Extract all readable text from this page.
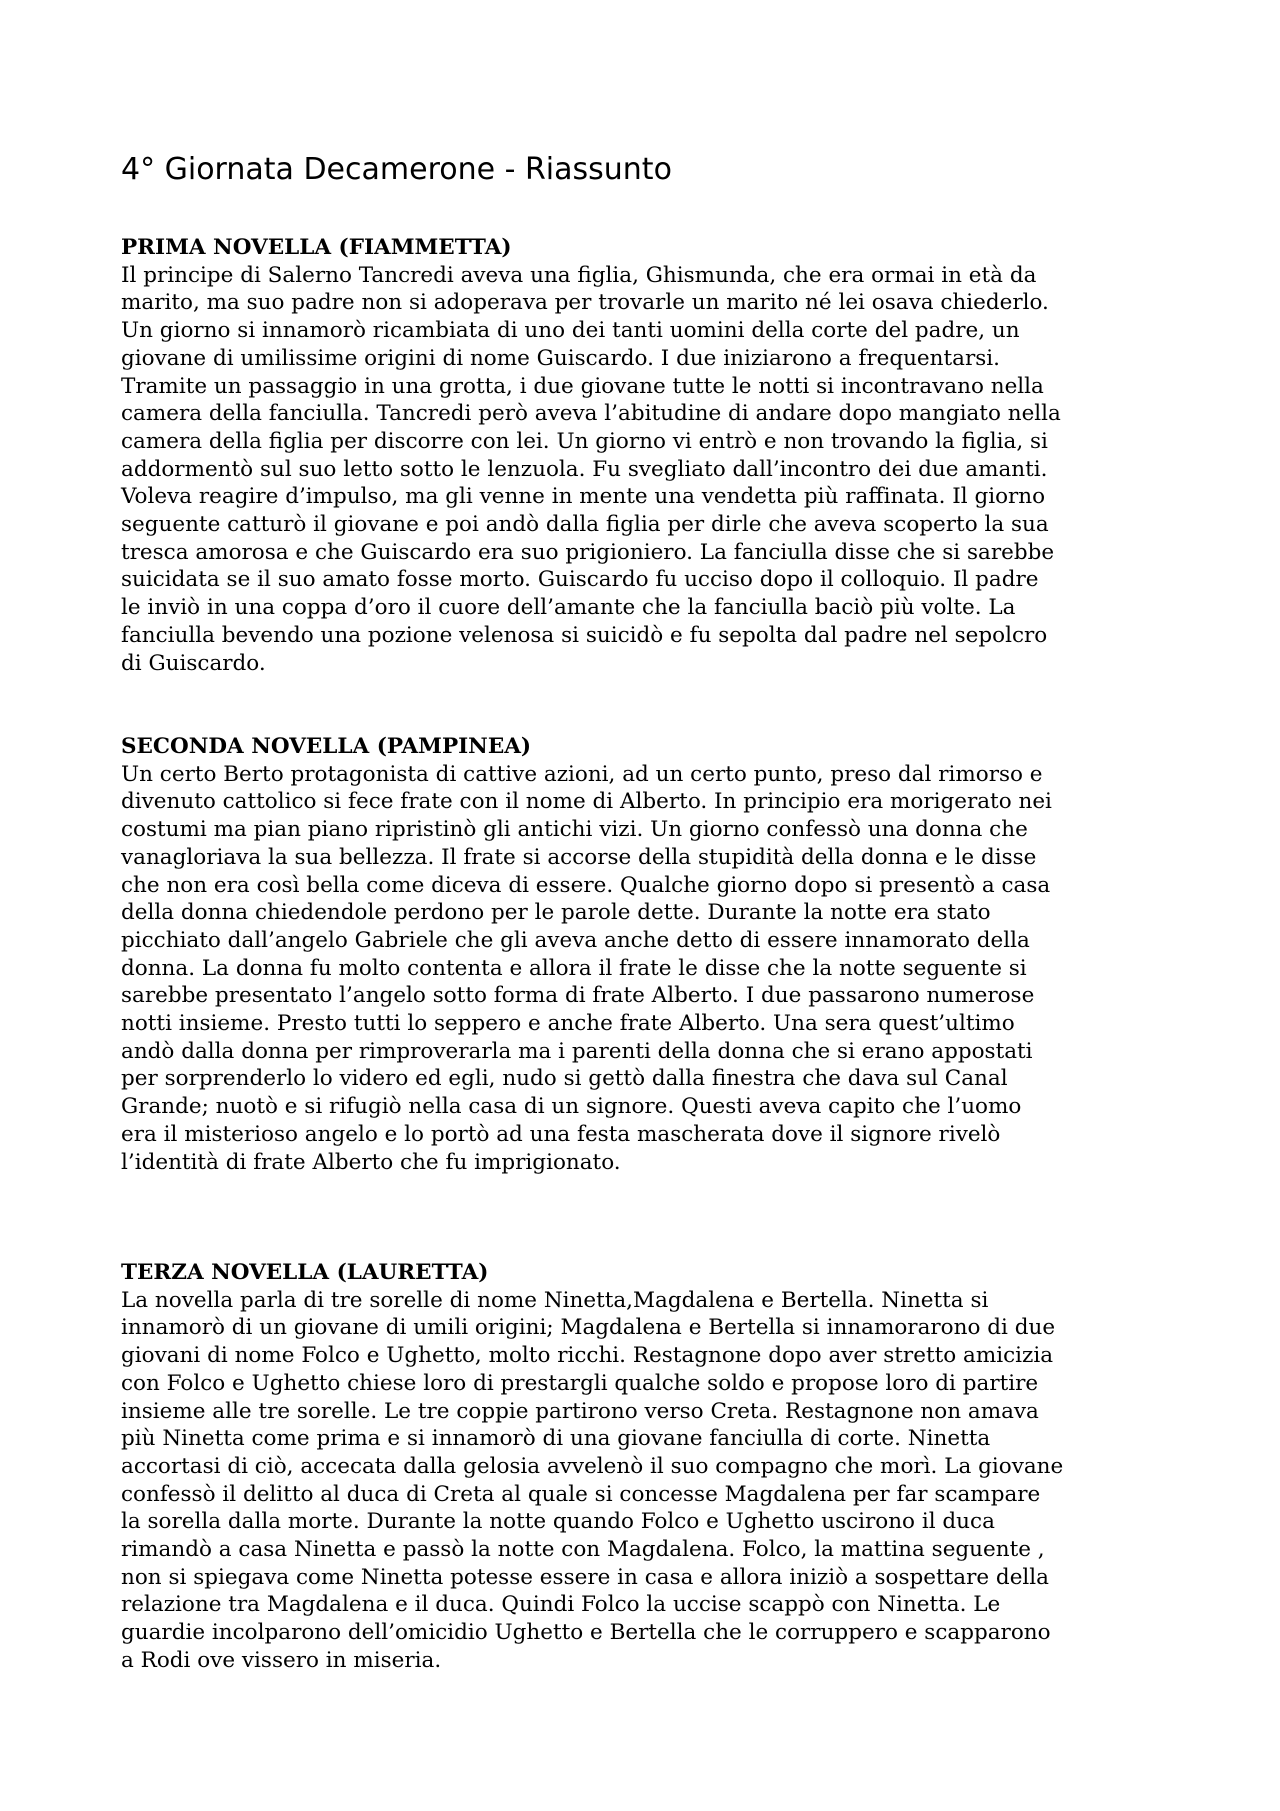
4° Giornata Decamerone - Riassunto
PRIMA NOVELLA (FIAMMETTA)

Il principe di Salerno Tancredi aveva una figlia, Ghismunda, che era ormai in età da
marito, ma suo padre non si adoperava per trovarle un marito né lei osava chiederlo.
Un giorno si innamorò ricambiata di uno dei tanti uomini della corte del padre, un
giovane di umilissime origini di nome Guiscardo. I due iniziarono a frequentarsi.
Tramite un passaggio in una grotta, i due giovane tutte le notti si incontravano nella
camera della fanciulla. Tancredi però aveva l’abitudine di andare dopo mangiato nella
camera della figlia per discorre con lei. Un giorno vi entrò e non trovando la figlia, si
addormentò sul suo letto sotto le lenzuola. Fu svegliato dall’incontro dei due amanti.
Voleva reagire d’impulso, ma gli venne in mente una vendetta più raffinata. Il giorno
seguente catturò il giovane e poi andò dalla figlia per dirle che aveva scoperto la sua
tresca amorosa e che Guiscardo era suo prigioniero. La fanciulla disse che si sarebbe
suicidata se il suo amato fosse morto. Guiscardo fu ucciso dopo il colloquio. Il padre
le inviò in una coppa d’oro il cuore dell’amante che la fanciulla baciò più volte. La
fanciulla bevendo una pozione velenosa si suicidò e fu sepolta dal padre nel sepolcro
di Guiscardo.

SECONDA NOVELLA (PAMPINEA)

Un certo Berto protagonista di cattive azioni, ad un certo punto, preso dal rimorso e
divenuto cattolico si fece frate con il nome di Alberto. In principio era morigerato nei
costumi ma pian piano ripristinò gli antichi vizi. Un giorno confessò una donna che
vanagloriava la sua bellezza. Il frate si accorse della stupidità della donna e le disse
che non era così bella come diceva di essere. Qualche giorno dopo si presentò a casa
della donna chiedendole perdono per le parole dette. Durante la notte era stato
picchiato dall’angelo Gabriele che gli aveva anche detto di essere innamorato della
donna. La donna fu molto contenta e allora il frate le disse che la notte seguente si
sarebbe presentato l’angelo sotto forma di frate Alberto. I due passarono numerose
notti insieme. Presto tutti lo seppero e anche frate Alberto. Una sera quest’ultimo
andò dalla donna per rimproverarla ma i parenti della donna che si erano appostati
per sorprenderlo lo videro ed egli, nudo si gettò dalla finestra che dava sul Canal
Grande; nuotò e si rifugiò nella casa di un signore. Questi aveva capito che l’uomo
era il misterioso angelo e lo portò ad una festa mascherata dove il signore rivelò
l’identità di frate Alberto che fu imprigionato.

TERZA NOVELLA (LAURETTA)

La novella parla di tre sorelle di nome Ninetta,Magdalena e Bertella. Ninetta si
innamorò di un giovane di umili origini; Magdalena e Bertella si innamorarono di due
giovani di nome Folco e Ughetto, molto ricchi. Restagnone dopo aver stretto amicizia
con Folco e Ughetto chiese loro di prestargli qualche soldo e propose loro di partire
insieme alle tre sorelle. Le tre coppie partirono verso Creta. Restagnone non amava
più Ninetta come prima e si innamorò di una giovane fanciulla di corte. Ninetta
accortasi di ciò, accecata dalla gelosia avvelenò il suo compagno che morì. La giovane
confessò il delitto al duca di Creta al quale si concesse Magdalena per far scampare
la sorella dalla morte. Durante la notte quando Folco e Ughetto uscirono il duca
rimandò a casa Ninetta e passò la notte con Magdalena. Folco, la mattina seguente ,
non si spiegava come Ninetta potesse essere in casa e allora iniziò a sospettare della
relazione tra Magdalena e il duca. Quindi Folco la uccise scappò con Ninetta. Le
guardie incolparono dell’omicidio Ughetto e Bertella che le corruppero e scapparono
a Rodi ove vissero in miseria.
